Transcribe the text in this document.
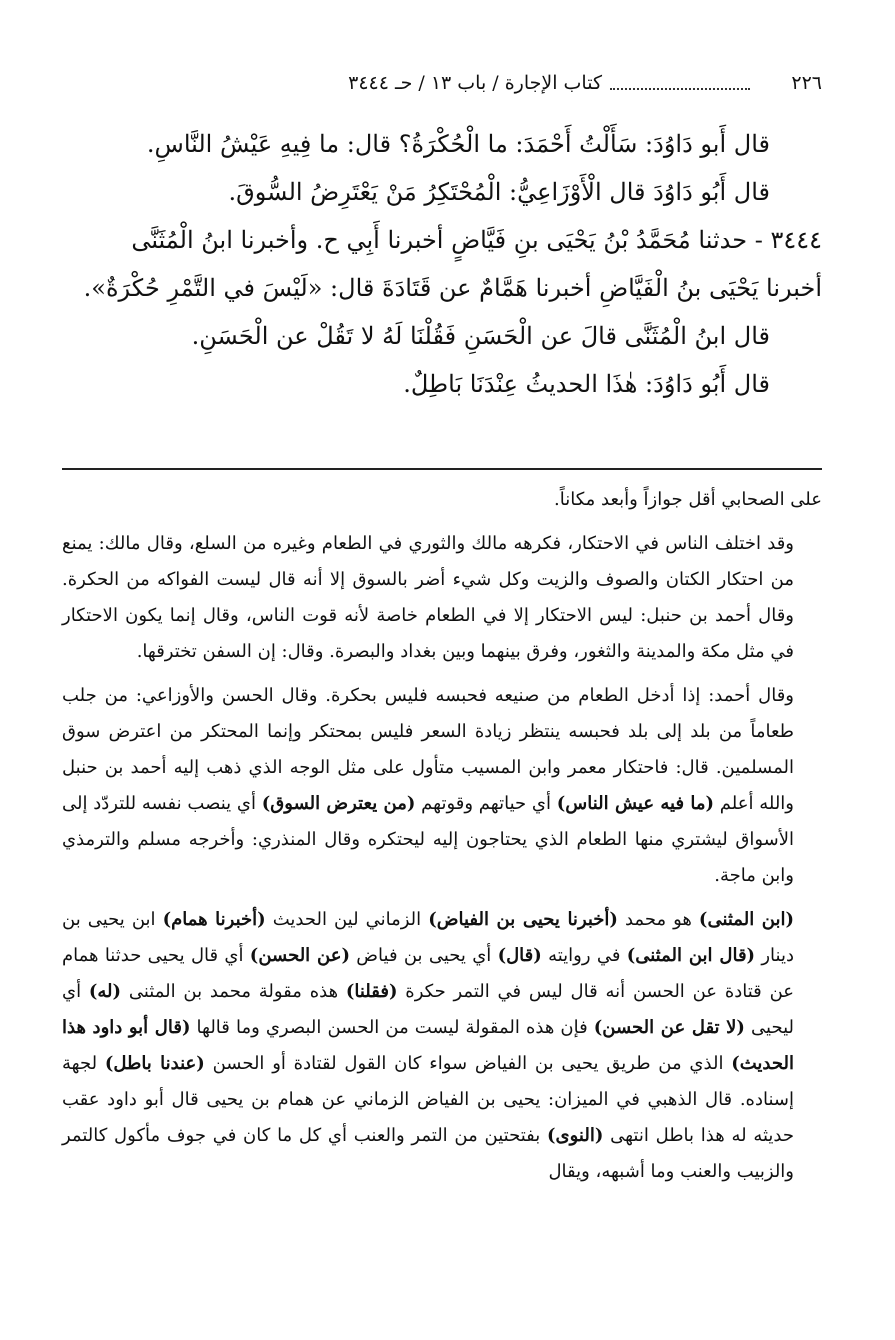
٢٢٦
كتاب الإجارة / باب ١٣ / حـ ٣٤٤٤

قال أَبو دَاوُدَ: سَأَلْتُ أَحْمَدَ: ما الْحُكْرَةُ؟ قال: ما فِيهِ عَيْشُ النَّاسِ.

قال أَبُو دَاوُدَ قال الْأَوْزَاعِيُّ: الْمُحْتَكِرُ مَنْ يَعْتَرِضُ السُّوقَ.

٣٤٤٤ - حدثنا مُحَمَّدُ بْنُ يَحْيَى بنِ فَيَّاضٍ أخبرنا أَبِي ح. وأخبرنا ابنُ الْمُثَنَّى

أخبرنا يَحْيَى بنُ الْفَيَّاضِ أخبرنا هَمَّامٌ عن قَتَادَةَ قال: «لَيْسَ في التَّمْرِ حُكْرَةٌ».

قال ابنُ الْمُثَنَّى قالَ عن الْحَسَنِ فَقُلْنَا لَهُ لا تَقُلْ عن الْحَسَنِ.

قال أَبُو دَاوُدَ: هٰذَا الحديثُ عِنْدَنَا بَاطِلٌ.

على الصحابي أقل جوازاً وأبعد مكاناً.

وقد اختلف الناس في الاحتكار، فكرهه مالك والثوري في الطعام وغيره من السلع، وقال مالك: يمنع من احتكار الكتان والصوف والزيت وكل شيء أضر بالسوق إلا أنه قال ليست الفواكه من الحكرة. وقال أحمد بن حنبل: ليس الاحتكار إلا في الطعام خاصة لأنه قوت الناس، وقال إنما يكون الاحتكار في مثل مكة والمدينة والثغور، وفرق بينهما وبين بغداد والبصرة. وقال: إن السفن تخترقها.

وقال أحمد: إذا أدخل الطعام من صنيعه فحبسه فليس بحكرة. وقال الحسن والأوزاعي: من جلب طعاماً من بلد إلى بلد فحبسه ينتظر زيادة السعر فليس بمحتكر وإنما المحتكر من اعترض سوق المسلمين. قال: فاحتكار معمر وابن المسيب متأول على مثل الوجه الذي ذهب إليه أحمد بن حنبل والله أعلم (ما فيه عيش الناس) أي حياتهم وقوتهم (من يعترض السوق) أي ينصب نفسه للتردّد إلى الأسواق ليشتري منها الطعام الذي يحتاجون إليه ليحتكره وقال المنذري: وأخرجه مسلم والترمذي وابن ماجة.

(ابن المثنى) هو محمد (أخبرنا يحيى بن الفياض) الزماني لين الحديث (أخبرنا همام) ابن يحيى بن دينار (قال ابن المثنى) في روايته (قال) أي يحيى بن فياض (عن الحسن) أي قال يحيى حدثنا همام عن قتادة عن الحسن أنه قال ليس في التمر حكرة (فقلنا) هذه مقولة محمد بن المثنى (له) أي ليحيى (لا تقل عن الحسن) فإن هذه المقولة ليست من الحسن البصري وما قالها (قال أبو داود هذا الحديث) الذي من طريق يحيى بن الفياض سواء كان القول لقتادة أو الحسن (عندنا باطل) لجهة إسناده. قال الذهبي في الميزان: يحيى بن الفياض الزماني عن همام بن يحيى قال أبو داود عقب حديثه له هذا باطل انتهى (النوى) بفتحتين من التمر والعنب أي كل ما كان في جوف مأكول كالتمر والزبيب والعنب وما أشبهه، ويقال
